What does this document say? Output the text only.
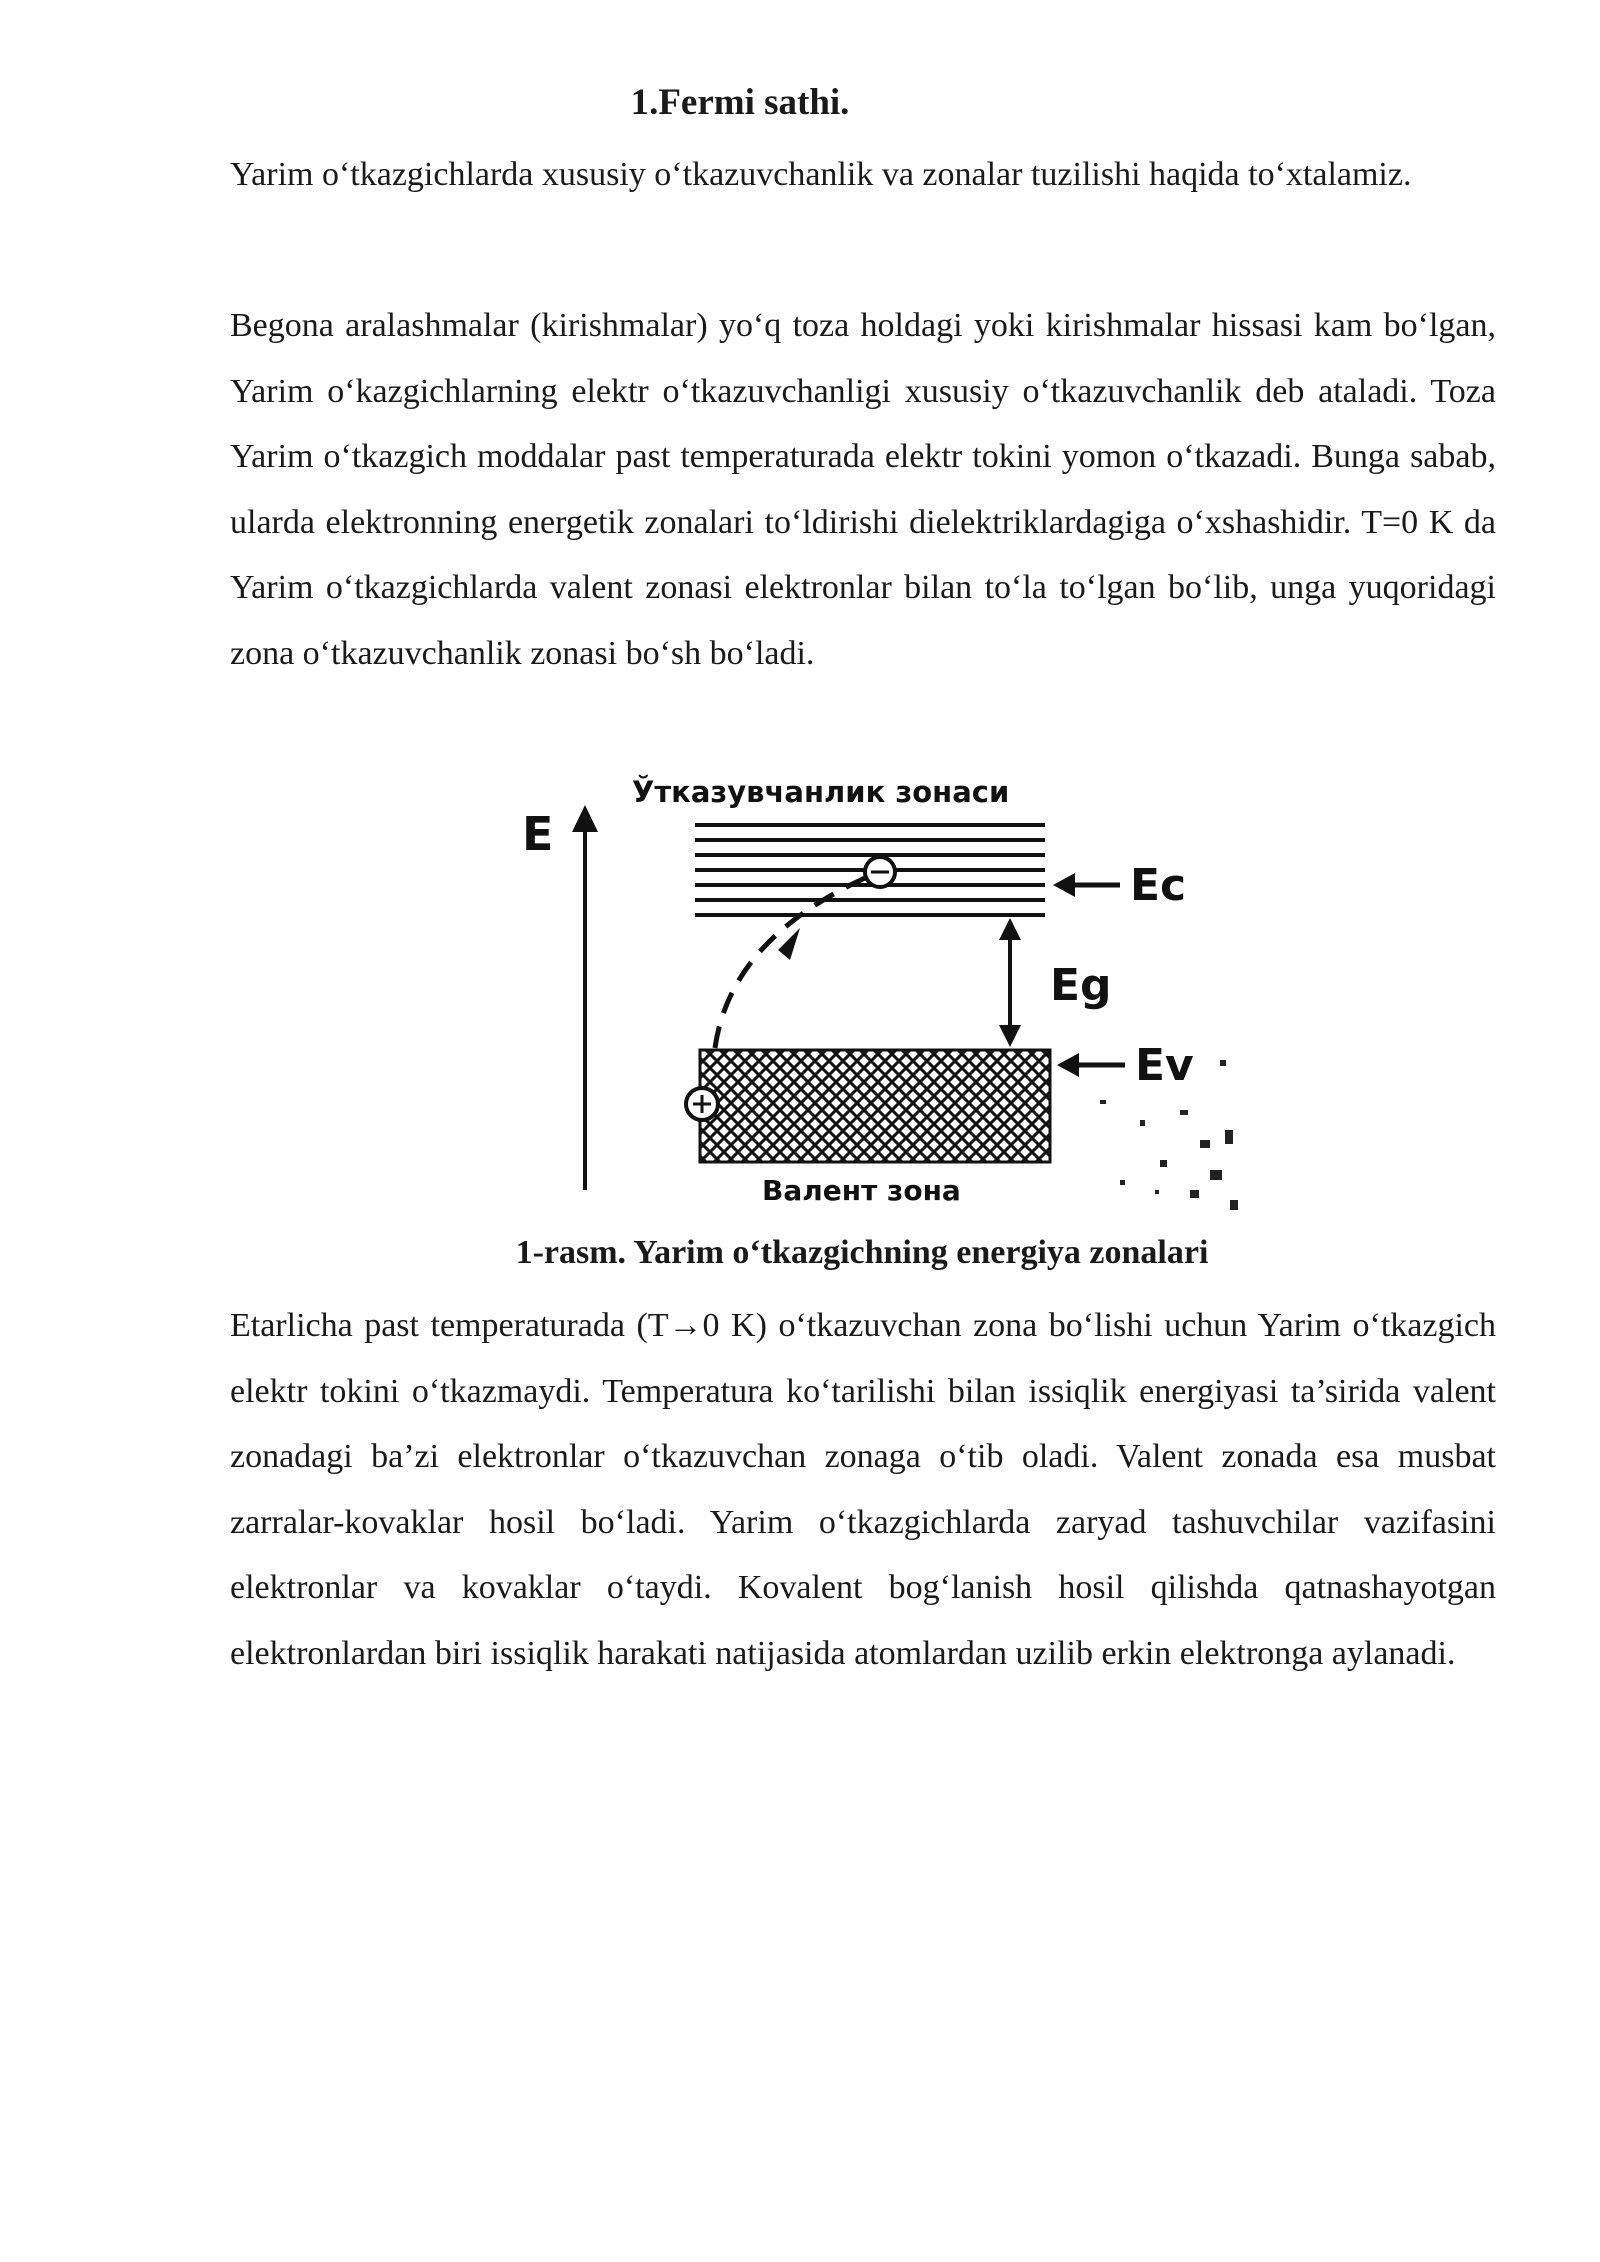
1.Fermi sathi.

Yarim o‘tkazgichlarda xususiy o‘tkazuvchanlik va zonalar tuzilishi haqida to‘xtalamiz.

Begona aralashmalar (kirishmalar) yo‘q toza holdagi yoki kirishmalar hissasi kam bo‘lgan, Yarim o‘kazgichlarning elektr o‘tkazuvchanligi xususiy o‘tkazuvchanlik deb ataladi. Toza Yarim o‘tkazgich moddalar past temperaturada elektr tokini yomon o‘tkazadi. Bunga sabab, ularda elektronning energetik zonalari to‘ldirishi dielektriklardagiga o‘xshashidir. T=0 K da Yarim o‘tkazgichlarda valent zonasi elektronlar bilan to‘la to‘lgan bo‘lib, unga yuqoridagi zona o‘tkazuvchanlik zonasi bo‘sh bo‘ladi.

E
Ўтказувчанлик зонаси
Ec
Eg
Ev
Валент зона

1-rasm. Yarim o‘tkazgichning energiya zonalari

Etarlicha past temperaturada (T→0 K) o‘tkazuvchan zona bo‘lishi uchun Yarim o‘tkazgich elektr tokini o‘tkazmaydi. Temperatura ko‘tarilishi bilan issiqlik energiyasi ta’sirida valent zonadagi ba’zi elektronlar o‘tkazuvchan zonaga o‘tib oladi. Valent zonada esa musbat zarralar-kovaklar hosil bo‘ladi. Yarim o‘tkazgichlarda zaryad tashuvchilar vazifasini elektronlar va kovaklar o‘taydi. Kovalent bog‘lanish hosil qilishda qatnashayotgan elektronlardan biri issiqlik harakati natijasida atomlardan uzilib erkin elektronga aylanadi.
